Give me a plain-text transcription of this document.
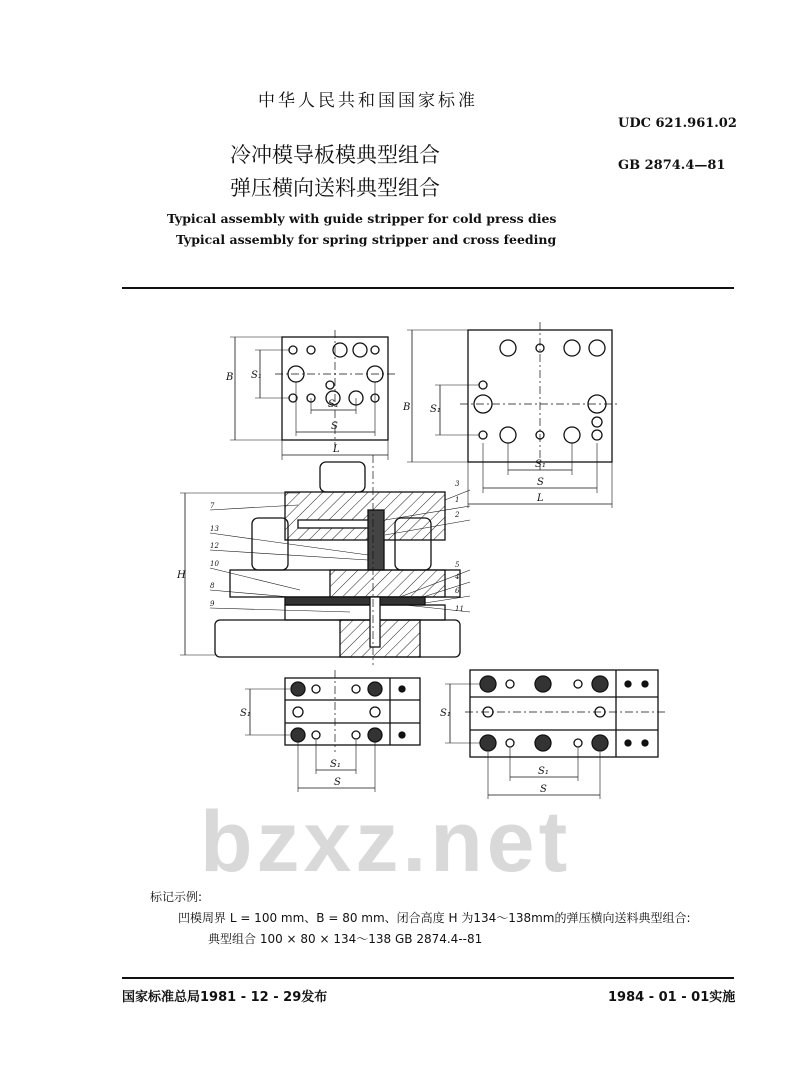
bzxz.net
中华人民共和国国家标准
UDC 621.961.02
GB 2874.4—81
冷冲模导板模典型组合
弹压横向送料典型组合
Typical assembly with guide stripper for cold press dies
Typical assembly for spring stripper and cross feeding
B S₁
S₁
S
L
B S₁
S₁
S
L
H
S₁
S₁
S
S₁
S₁
S
7
13
12
10
8
9
3
1
2
5
4
6
11
标记示例:
凹模周界 L = 100 mm、B = 80 mm、闭合高度 H 为134～138mm的弹压横向送料典型组合:
典型组合 100 × 80 × 134～138 GB 2874.4--81
国家标准总局1981 - 12 - 29发布	1984 - 01 - 01实施
